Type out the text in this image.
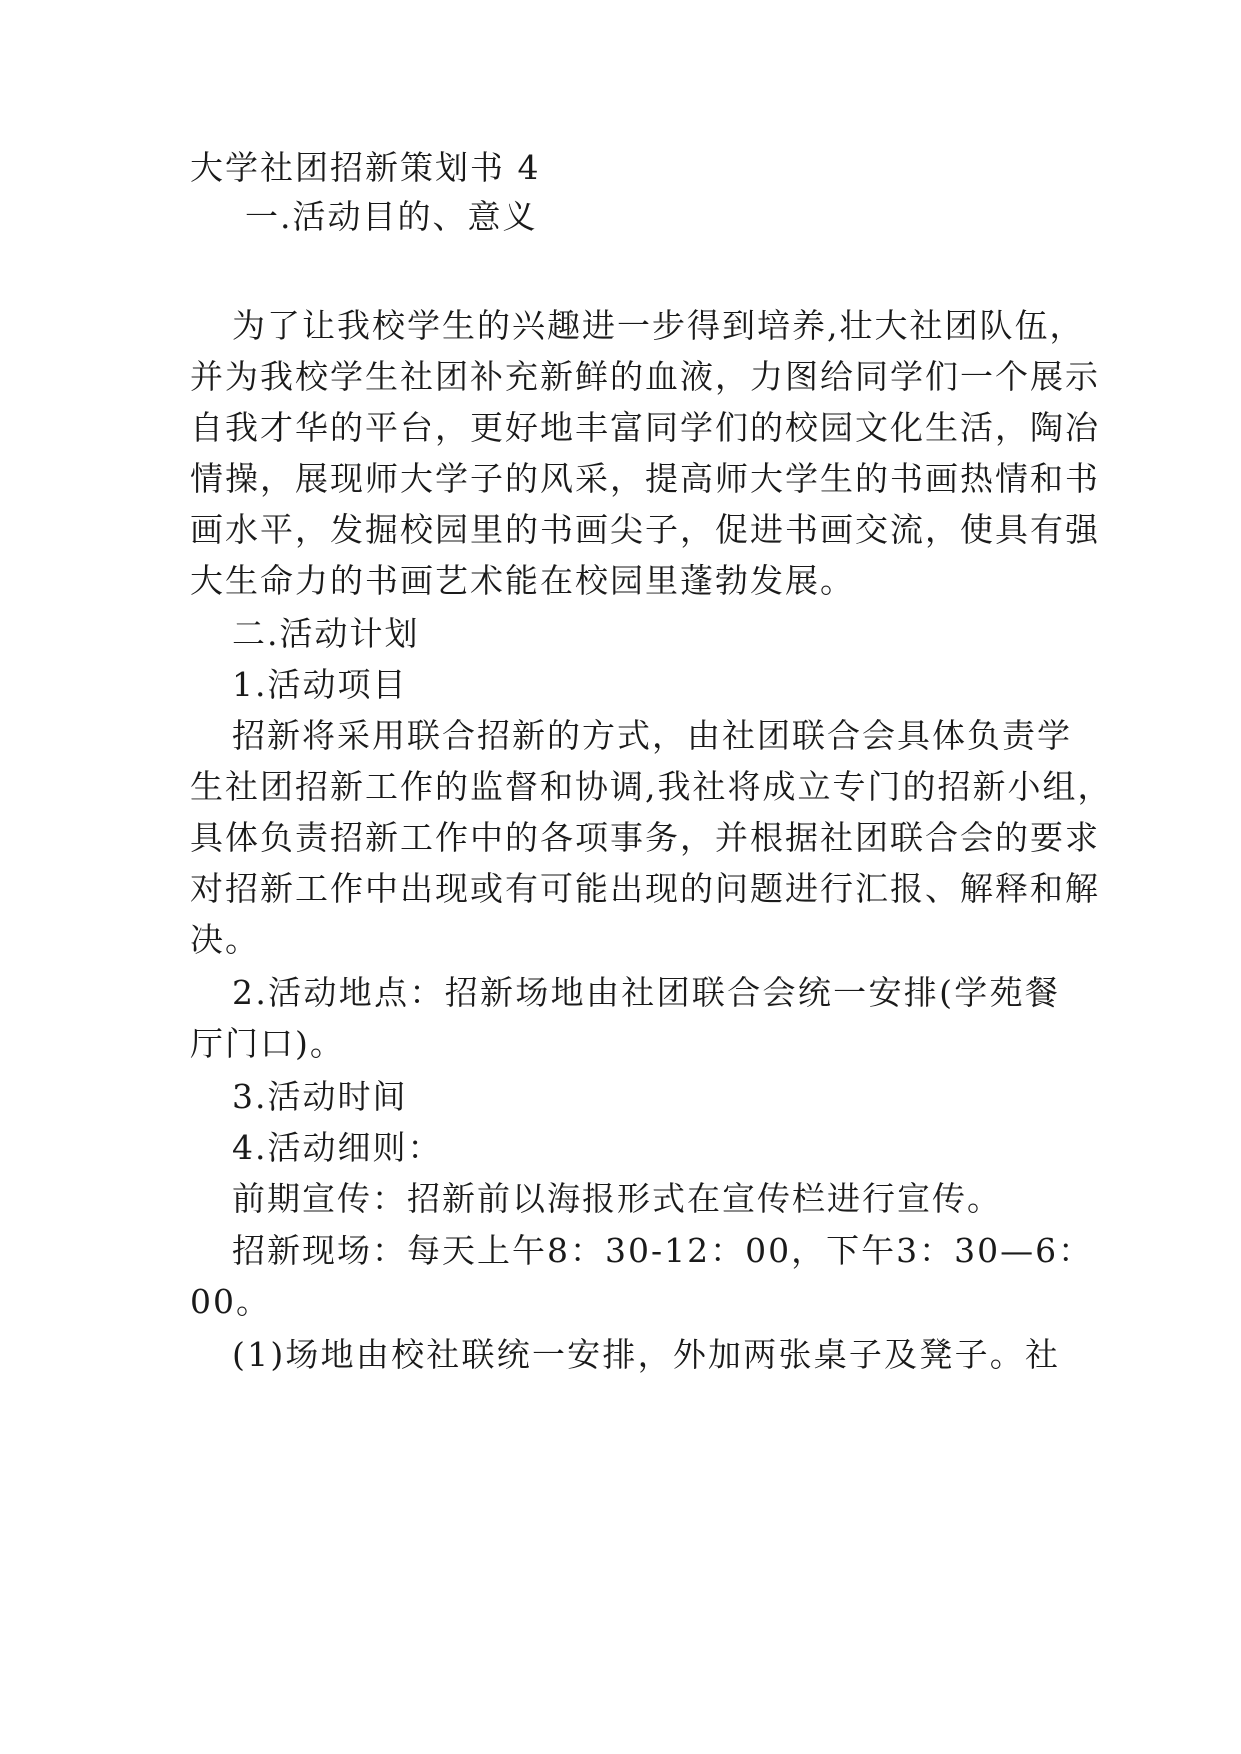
大学社团招新策划书 4
一.活动目的、意义
为 了 让 我 校 学 生 的 兴 趣 进 一 步 得 到 培 养 , 壮 大 社 团 队 伍 ，
并 为 我 校 学 生 社 团 补 充 新 鲜 的 血 液 ， 力 图 给 同 学 们 一 个 展 示
自 我 才 华 的 平 台 ， 更 好 地 丰 富 同 学 们 的 校 园 文 化 生 活 ， 陶 冶
情 操 ， 展 现 师 大 学 子 的 风 采 ， 提 高 师 大 学 生 的 书 画 热 情 和 书
画 水 平 ， 发 掘 校 园 里 的 书 画 尖 子 ， 促 进 书 画 交 流 ， 使 具 有 强
大生命力的书画艺术能在校园里蓬勃发展。
二.活动计划
1.活动项目
招 新 将 采 用 联 合 招 新 的 方 式 ， 由 社 团 联 合 会 具 体 负 责 学
生 社 团 招 新 工 作 的 监 督 和 协 调 , 我 社 将 成 立 专 门 的 招 新 小 组 ，
具 体 负 责 招 新 工 作 中 的 各 项 事 务 ， 并 根 据 社 团 联 合 会 的 要 求
对 招 新 工 作 中 出 现 或 有 可 能 出 现 的 问 题 进 行 汇 报 、 解 释 和 解
决。
2 . 活 动 地 点 ： 招 新 场 地 由 社 团 联 合 会 统 一 安 排 ( 学 苑 餐
厅门口)。
3.活动时间
4.活动细则：
前期宣传：招新前以海报形式在宣传栏进行宣传。
招 新 现 场 ： 每 天 上 午 8 ： 3 0 - 1 2 ： 0 0 ， 下 午 3 ： 3 0 — 6 ：
00。
( 1 ) 场 地 由 校 社 联 统 一 安 排 ， 外 加 两 张 桌 子 及 凳 子 。 社
